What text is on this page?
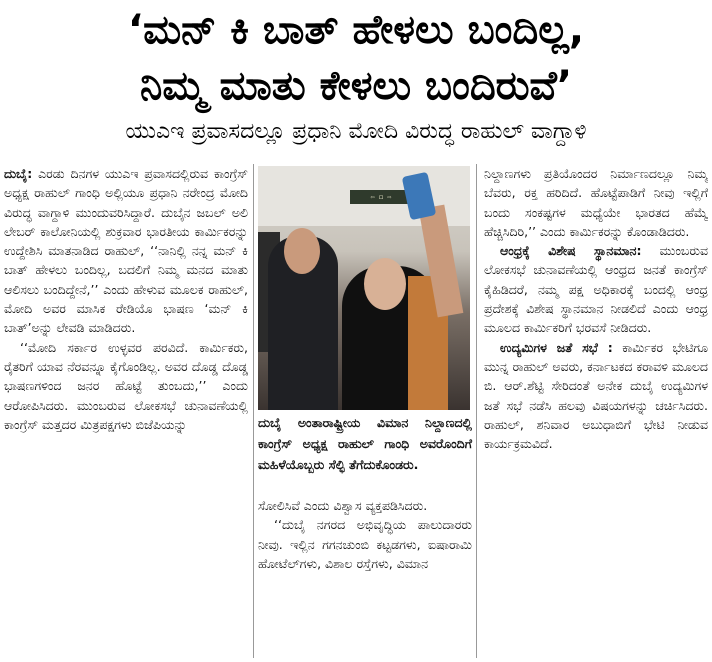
‘ಮನ್ ಕಿ ಬಾತ್ ಹೇಳಲು ಬಂದಿಲ್ಲ,
ನಿಮ್ಮ ಮಾತು ಕೇಳಲು ಬಂದಿರುವೆ’
ಯುಎಇ ಪ್ರವಾಸದಲ್ಲೂ ಪ್ರಧಾನಿ ಮೋದಿ ವಿರುದ್ಧ ರಾಹುಲ್ ವಾಗ್ದಾಳಿ

ದುಬೈ: ಎರಡು ದಿನಗಳ ಯುಎಇ ಪ್ರವಾಸದಲ್ಲಿರುವ ಕಾಂಗ್ರೆಸ್ ಅಧ್ಯಕ್ಷ ರಾಹುಲ್ ಗಾಂಧಿ ಅಲ್ಲಿಯೂ ಪ್ರಧಾನಿ ನರೇಂದ್ರ ಮೋದಿ ವಿರುದ್ಧ ವಾಗ್ದಾಳಿ ಮುಂದುವರಿಸಿದ್ದಾರೆ. ದುಬೈನ ಜಬಲ್ ಅಲಿ ಲೇಬರ್ ಕಾಲೋನಿಯಲ್ಲಿ ಶುಕ್ರವಾರ ಭಾರತೀಯ ಕಾರ್ಮಿಕರನ್ನು ಉದ್ದೇಶಿಸಿ ಮಾತನಾಡಿದ ರಾಹುಲ್, ‘‘ನಾನಿಲ್ಲಿ ನನ್ನ ಮನ್ ಕಿ ಬಾತ್ ಹೇಳಲು ಬಂದಿಲ್ಲ, ಬದಲಿಗೆ ನಿಮ್ಮ ಮನದ ಮಾತು ಆಲಿಸಲು ಬಂದಿದ್ದೇನೆ,’’ ಎಂದು ಹೇಳುವ ಮೂಲಕ ರಾಹುಲ್, ಮೋದಿ ಅವರ ಮಾಸಿಕ ರೇಡಿಯೊ ಭಾಷಣ ‘ಮನ್ ಕಿ ಬಾತ್’ಅನ್ನು ಲೇವಡಿ ಮಾಡಿದರು.

‘‘ಮೋದಿ ಸರ್ಕಾರ ಉಳ್ಳವರ ಪರವಿದೆ. ಕಾರ್ಮಿಕರು, ರೈತರಿಗೆ ಯಾವ ನೆರವನ್ನೂ ಕೈಗೊಂಡಿಲ್ಲ. ಅವರ ದೊಡ್ಡ ದೊಡ್ಡ ಭಾಷಣಗಳಿಂದ ಜನರ ಹೊಟ್ಟೆ ತುಂಬದು,’’ ಎಂದು ಆರೋಪಿಸಿದರು. ಮುಂಬರುವ ಲೋಕಸಭೆ ಚುನಾವಣೆಯಲ್ಲಿ ಕಾಂಗ್ರೆಸ್ ಮತ್ತದರ ಮಿತ್ರಪಕ್ಷಗಳು ಬಿಜೆಪಿಯನ್ನು

⇦ ◻ ⇨
ದುಬೈ ಅಂತಾರಾಷ್ಟ್ರೀಯ ವಿಮಾನ ನಿಲ್ದಾಣದಲ್ಲಿ ಕಾಂಗ್ರೆಸ್ ಅಧ್ಯಕ್ಷ ರಾಹುಲ್ ಗಾಂಧಿ ಅವರೊಂದಿಗೆ ಮಹಿಳೆಯೊಬ್ಬರು ಸೆಲ್ಫಿ ತೆಗೆದುಕೊಂಡರು.

ಸೋಲಿಸಿವೆ ಎಂದು ವಿಶ್ವಾಸ ವ್ಯಕ್ತಪಡಿಸಿದರು.

‘‘ದುಬೈ ನಗರದ ಅಭಿವೃದ್ಧಿಯ ಪಾಲುದಾರರು ನೀವು. ಇಲ್ಲಿನ ಗಗನಚುಂಬಿ ಕಟ್ಟಡಗಳು, ಐಷಾರಾಮಿ ಹೋಟೆಲ್‌ಗಳು, ವಿಶಾಲ ರಸ್ತೆಗಳು, ವಿಮಾನ

ನಿಲ್ದಾಣಗಳು ಪ್ರತಿಯೊಂದರ ನಿರ್ಮಾಣದಲ್ಲೂ ನಿಮ್ಮ ಬೆವರು, ರಕ್ತ ಹರಿದಿದೆ. ಹೊಟ್ಟೆಪಾಡಿಗೆ ನೀವು ಇಲ್ಲಿಗೆ ಬಂದು ಸಂಕಷ್ಟಗಳ ಮಧ್ಯೆಯೇ ಭಾರತದ ಹೆಮ್ಮೆ ಹೆಚ್ಚಿಸಿದಿರಿ,’’ ಎಂದು ಕಾರ್ಮಿಕರನ್ನು ಕೊಂಡಾಡಿದರು.

ಆಂಧ್ರಕ್ಕೆ ವಿಶೇಷ ಸ್ಥಾನಮಾನ: ಮುಂಬರುವ ಲೋಕಸಭೆ ಚುನಾವಣೆಯಲ್ಲಿ ಆಂಧ್ರದ ಜನತೆ ಕಾಂಗ್ರೆಸ್ ಕೈಹಿಡಿದರೆ, ನಮ್ಮ ಪಕ್ಷ ಅಧಿಕಾರಕ್ಕೆ ಬಂದಲ್ಲಿ ಆಂಧ್ರ ಪ್ರದೇಶಕ್ಕೆ ವಿಶೇಷ ಸ್ಥಾನಮಾನ ನೀಡಲಿದೆ ಎಂದು ಆಂಧ್ರ ಮೂಲದ ಕಾರ್ಮಿಕರಿಗೆ ಭರವಸೆ ನೀಡಿದರು.

ಉದ್ಯಮಿಗಳ ಜತೆ ಸಭೆ : ಕಾರ್ಮಿಕರ ಭೇಟಿಗೂ ಮುನ್ನ ರಾಹುಲ್ ಅವರು, ಕರ್ನಾಟಕದ ಕರಾವಳಿ ಮೂಲದ ಬಿ. ಆರ್.ಶೆಟ್ಟಿ ಸೇರಿದಂತೆ ಅನೇಕ ದುಬೈ ಉದ್ಯಮಿಗಳ ಜತೆ ಸಭೆ ನಡೆಸಿ ಹಲವು ವಿಷಯಗಳನ್ನು ಚರ್ಚಿಸಿದರು. ರಾಹುಲ್, ಶನಿವಾರ ಅಬುಧಾಬಿಗೆ ಭೇಟಿ ನೀಡುವ ಕಾರ್ಯಕ್ರಮವಿದೆ.
